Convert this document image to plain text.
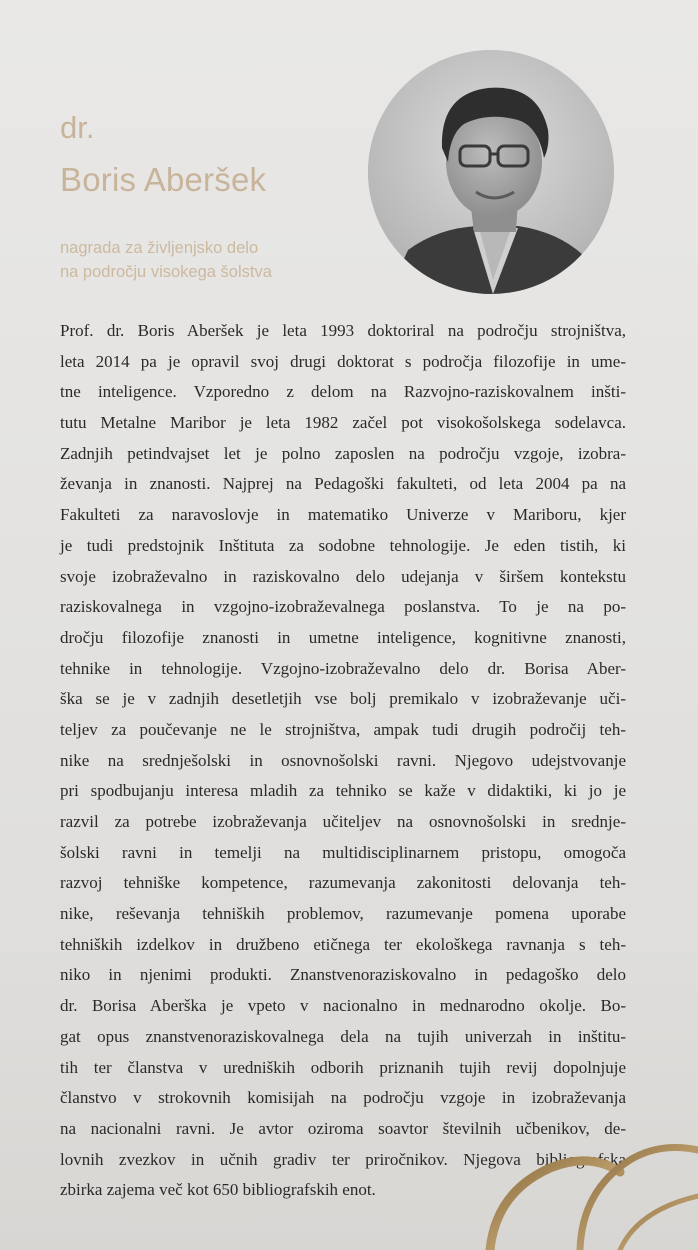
dr.
Boris Aberšek
nagrada za življenjsko delo
na področju visokega šolstva
Prof. dr. Boris Aberšek je leta 1993 doktoriral na področju strojništva,
leta 2014 pa je opravil svoj drugi doktorat s področja filozofije in ume-
tne inteligence. Vzporedno z delom na Razvojno-raziskovalnem inšti-
tutu Metalne Maribor je leta 1982 začel pot visokošolskega sodelavca.
Zadnjih petindvajset let je polno zaposlen na področju vzgoje, izobra-
ževanja in znanosti. Najprej na Pedagoški fakulteti, od leta 2004 pa na
Fakulteti za naravoslovje in matematiko Univerze v Mariboru, kjer
je tudi predstojnik Inštituta za sodobne tehnologije. Je eden tistih, ki
svoje izobraževalno in raziskovalno delo udejanja v širšem kontekstu
raziskovalnega in vzgojno-izobraževalnega poslanstva. To je na po-
dročju filozofije znanosti in umetne inteligence, kognitivne znanosti,
tehnike in tehnologije. Vzgojno-izobraževalno delo dr. Borisa Aber-
ška se je v zadnjih desetletjih vse bolj premikalo v izobraževanje uči-
teljev za poučevanje ne le strojništva, ampak tudi drugih področij teh-
nike na srednješolski in osnovnošolski ravni. Njegovo udejstvovanje
pri spodbujanju interesa mladih za tehniko se kaže v didaktiki, ki jo je
razvil za potrebe izobraževanja učiteljev na osnovnošolski in srednje-
šolski ravni in temelji na multidisciplinarnem pristopu, omogoča
razvoj tehniške kompetence, razumevanja zakonitosti delovanja teh-
nike, reševanja tehniških problemov, razumevanje pomena uporabe
tehniških izdelkov in družbeno etičnega ter ekološkega ravnanja s teh-
niko in njenimi produkti. Znanstvenoraziskovalno in pedagoško delo
dr. Borisa Aberška je vpeto v nacionalno in mednarodno okolje. Bo-
gat opus znanstvenoraziskovalnega dela na tujih univerzah in inštitu-
tih ter članstva v uredniških odborih priznanih tujih revij dopolnjuje
članstvo v strokovnih komisijah na področju vzgoje in izobraževanja
na nacionalni ravni. Je avtor oziroma soavtor številnih učbenikov, de-
lovnih zvezkov in učnih gradiv ter priročnikov. Njegova bibliografska
zbirka zajema več kot 650 bibliografskih enot.
